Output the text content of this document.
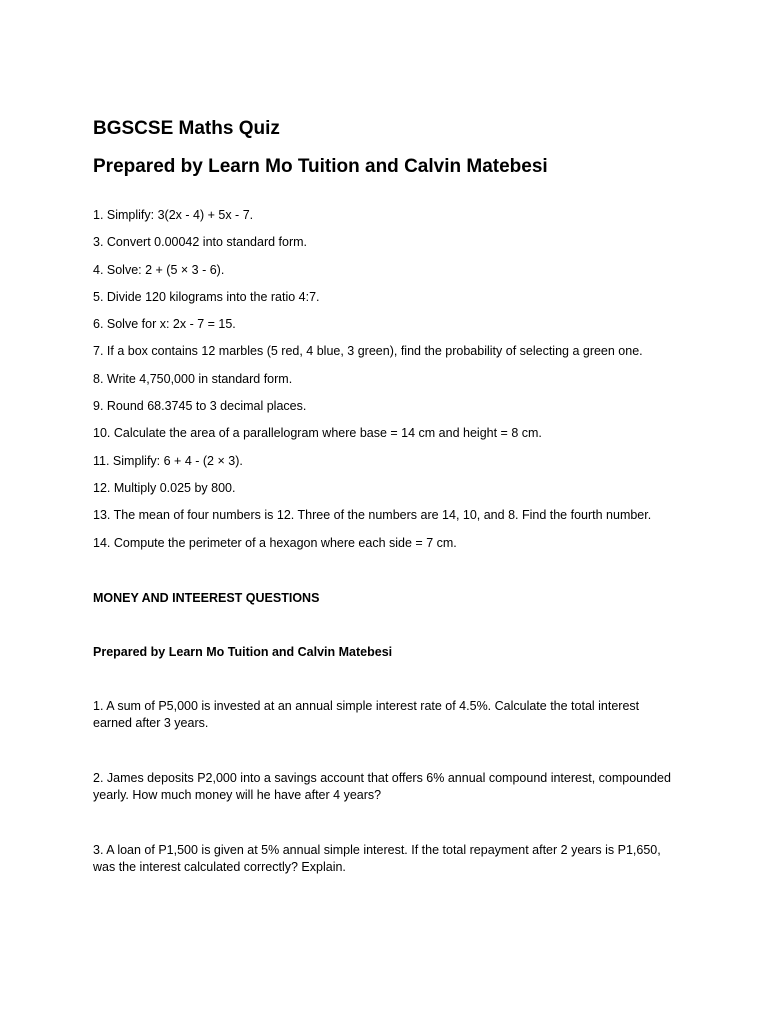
BGSCSE Maths Quiz
Prepared by Learn Mo Tuition and Calvin Matebesi

1. Simplify: 3(2x - 4) + 5x - 7.

3. Convert 0.00042 into standard form.

4. Solve: 2 + (5 × 3 - 6).

5. Divide 120 kilograms into the ratio 4:7.

6. Solve for x: 2x - 7 = 15.

7. If a box contains 12 marbles (5 red, 4 blue, 3 green), find the probability of selecting a green one.

8. Write 4,750,000 in standard form.

9. Round 68.3745 to 3 decimal places.

10. Calculate the area of a parallelogram where base = 14 cm and height = 8 cm.

11. Simplify: 6 + 4 - (2 × 3).

12. Multiply 0.025 by 800.

13. The mean of four numbers is 12. Three of the numbers are 14, 10, and 8. Find the fourth number.

14. Compute the perimeter of a hexagon where each side = 7 cm.

MONEY AND INTEEREST QUESTIONS

Prepared by Learn Mo Tuition and Calvin Matebesi

1. A sum of P5,000 is invested at an annual simple interest rate of 4.5%. Calculate the total interest earned after 3 years.

2. James deposits P2,000 into a savings account that offers 6% annual compound interest, compounded yearly. How much money will he have after 4 years?

3. A loan of P1,500 is given at 5% annual simple interest. If the total repayment after 2 years is P1,650, was the interest calculated correctly? Explain.
